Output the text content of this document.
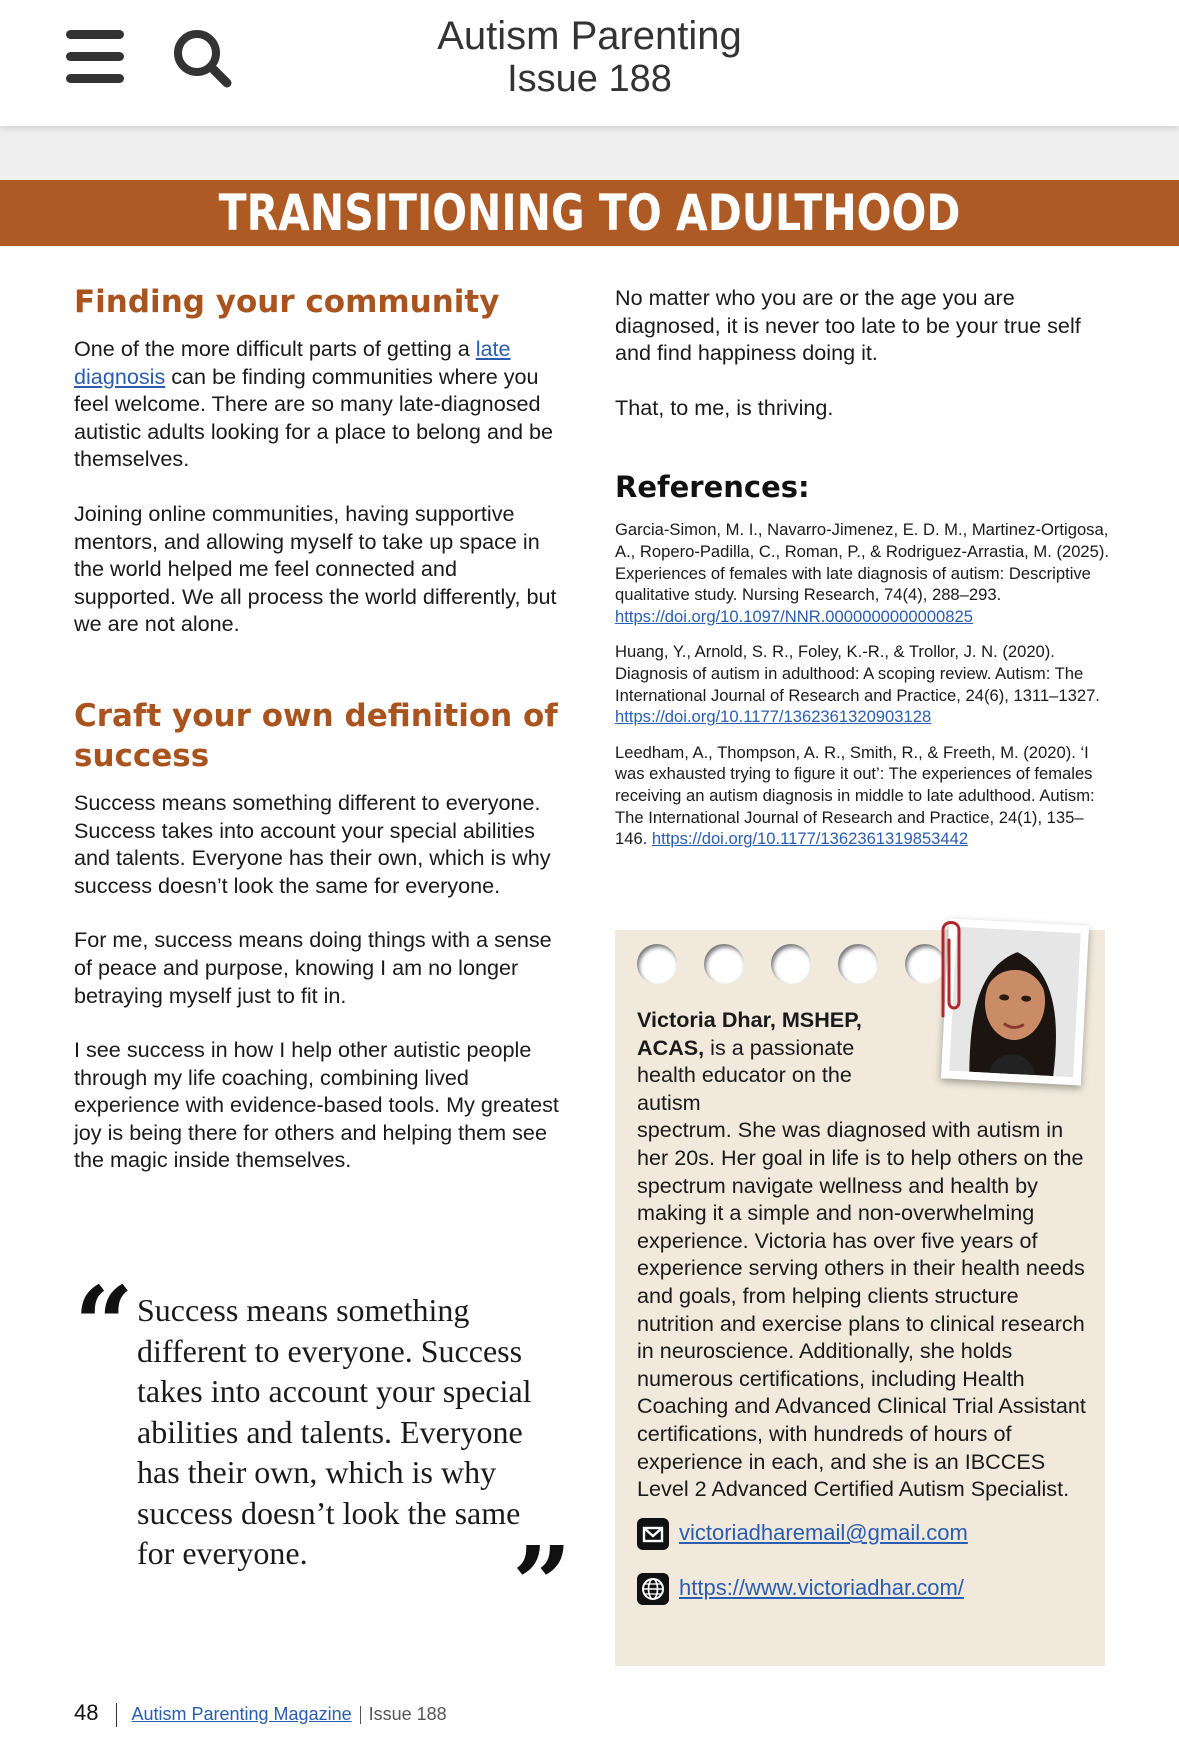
Autism Parenting
Issue 188
TRANSITIONING TO ADULTHOOD
Finding your community

One of the more difficult parts of getting a late diagnosis can be finding communities where you feel welcome. There are so many late-diagnosed autistic adults looking for a place to belong and be themselves.

Joining online communities, having supportive mentors, and allowing myself to take up space in the world helped me feel connected and supported. We all process the world differently, but we are not alone.

Craft your own definition of success

Success means something different to everyone. Success takes into account your special abilities and talents. Everyone has their own, which is why success doesn’t look the same for everyone.

For me, success means doing things with a sense of peace and purpose, knowing I am no longer betraying myself just to fit in.

I see success in how I help other autistic people through my life coaching, combining lived experience with evidence-based tools. My greatest joy is being there for others and helping them see the magic inside themselves.

“ Success means something different to everyone. Success takes into account your special abilities and talents. Everyone has their own, which is why success doesn’t look the same for everyone.	”

No matter who you are or the age you are diagnosed, it is never too late to be your true self and find happiness doing it.

That, to me, is thriving.

References:

Garcia-Simon, M. I., Navarro-Jimenez, E. D. M., Martinez-Ortigosa, A., Ropero-Padilla, C., Roman, P., & Rodriguez-Arrastia, M. (2025). Experiences of females with late diagnosis of autism: Descriptive qualitative study. Nursing Research, 74(4), 288–293. https://doi.org/10.1097/NNR.0000000000000825

Huang, Y., Arnold, S. R., Foley, K.-R., & Trollor, J. N. (2020). Diagnosis of autism in adulthood: A scoping review. Autism: The International Journal of Research and Practice, 24(6), 1311–1327. https://doi.org/10.1177/1362361320903128

Leedham, A., Thompson, A. R., Smith, R., & Freeth, M. (2020). ‘I was exhausted trying to figure it out’: The experiences of females receiving an autism diagnosis in middle to late adulthood. Autism: The International Journal of Research and Practice, 24(1), 135–146. https://doi.org/10.1177/1362361319853442

Victoria Dhar, MSHEP, ACAS, is a passionate health educator on the autism
spectrum. She was diagnosed with autism in her 20s. Her goal in life is to help others on the spectrum navigate wellness and health by making it a simple and non-overwhelming experience. Victoria has over five years of experience serving others in their health needs and goals, from helping clients structure nutrition and exercise plans to clinical research in neuroscience. Additionally, she holds numerous certifications, including Health Coaching and Advanced Clinical Trial Assistant certifications, with hundreds of hours of experience in each, and she is an IBCCES Level 2 Advanced Certified Autism Specialist.
victoriadharemail@gmail.com
https://www.victoriadhar.com/
48 Autism Parenting Magazine Issue 188
